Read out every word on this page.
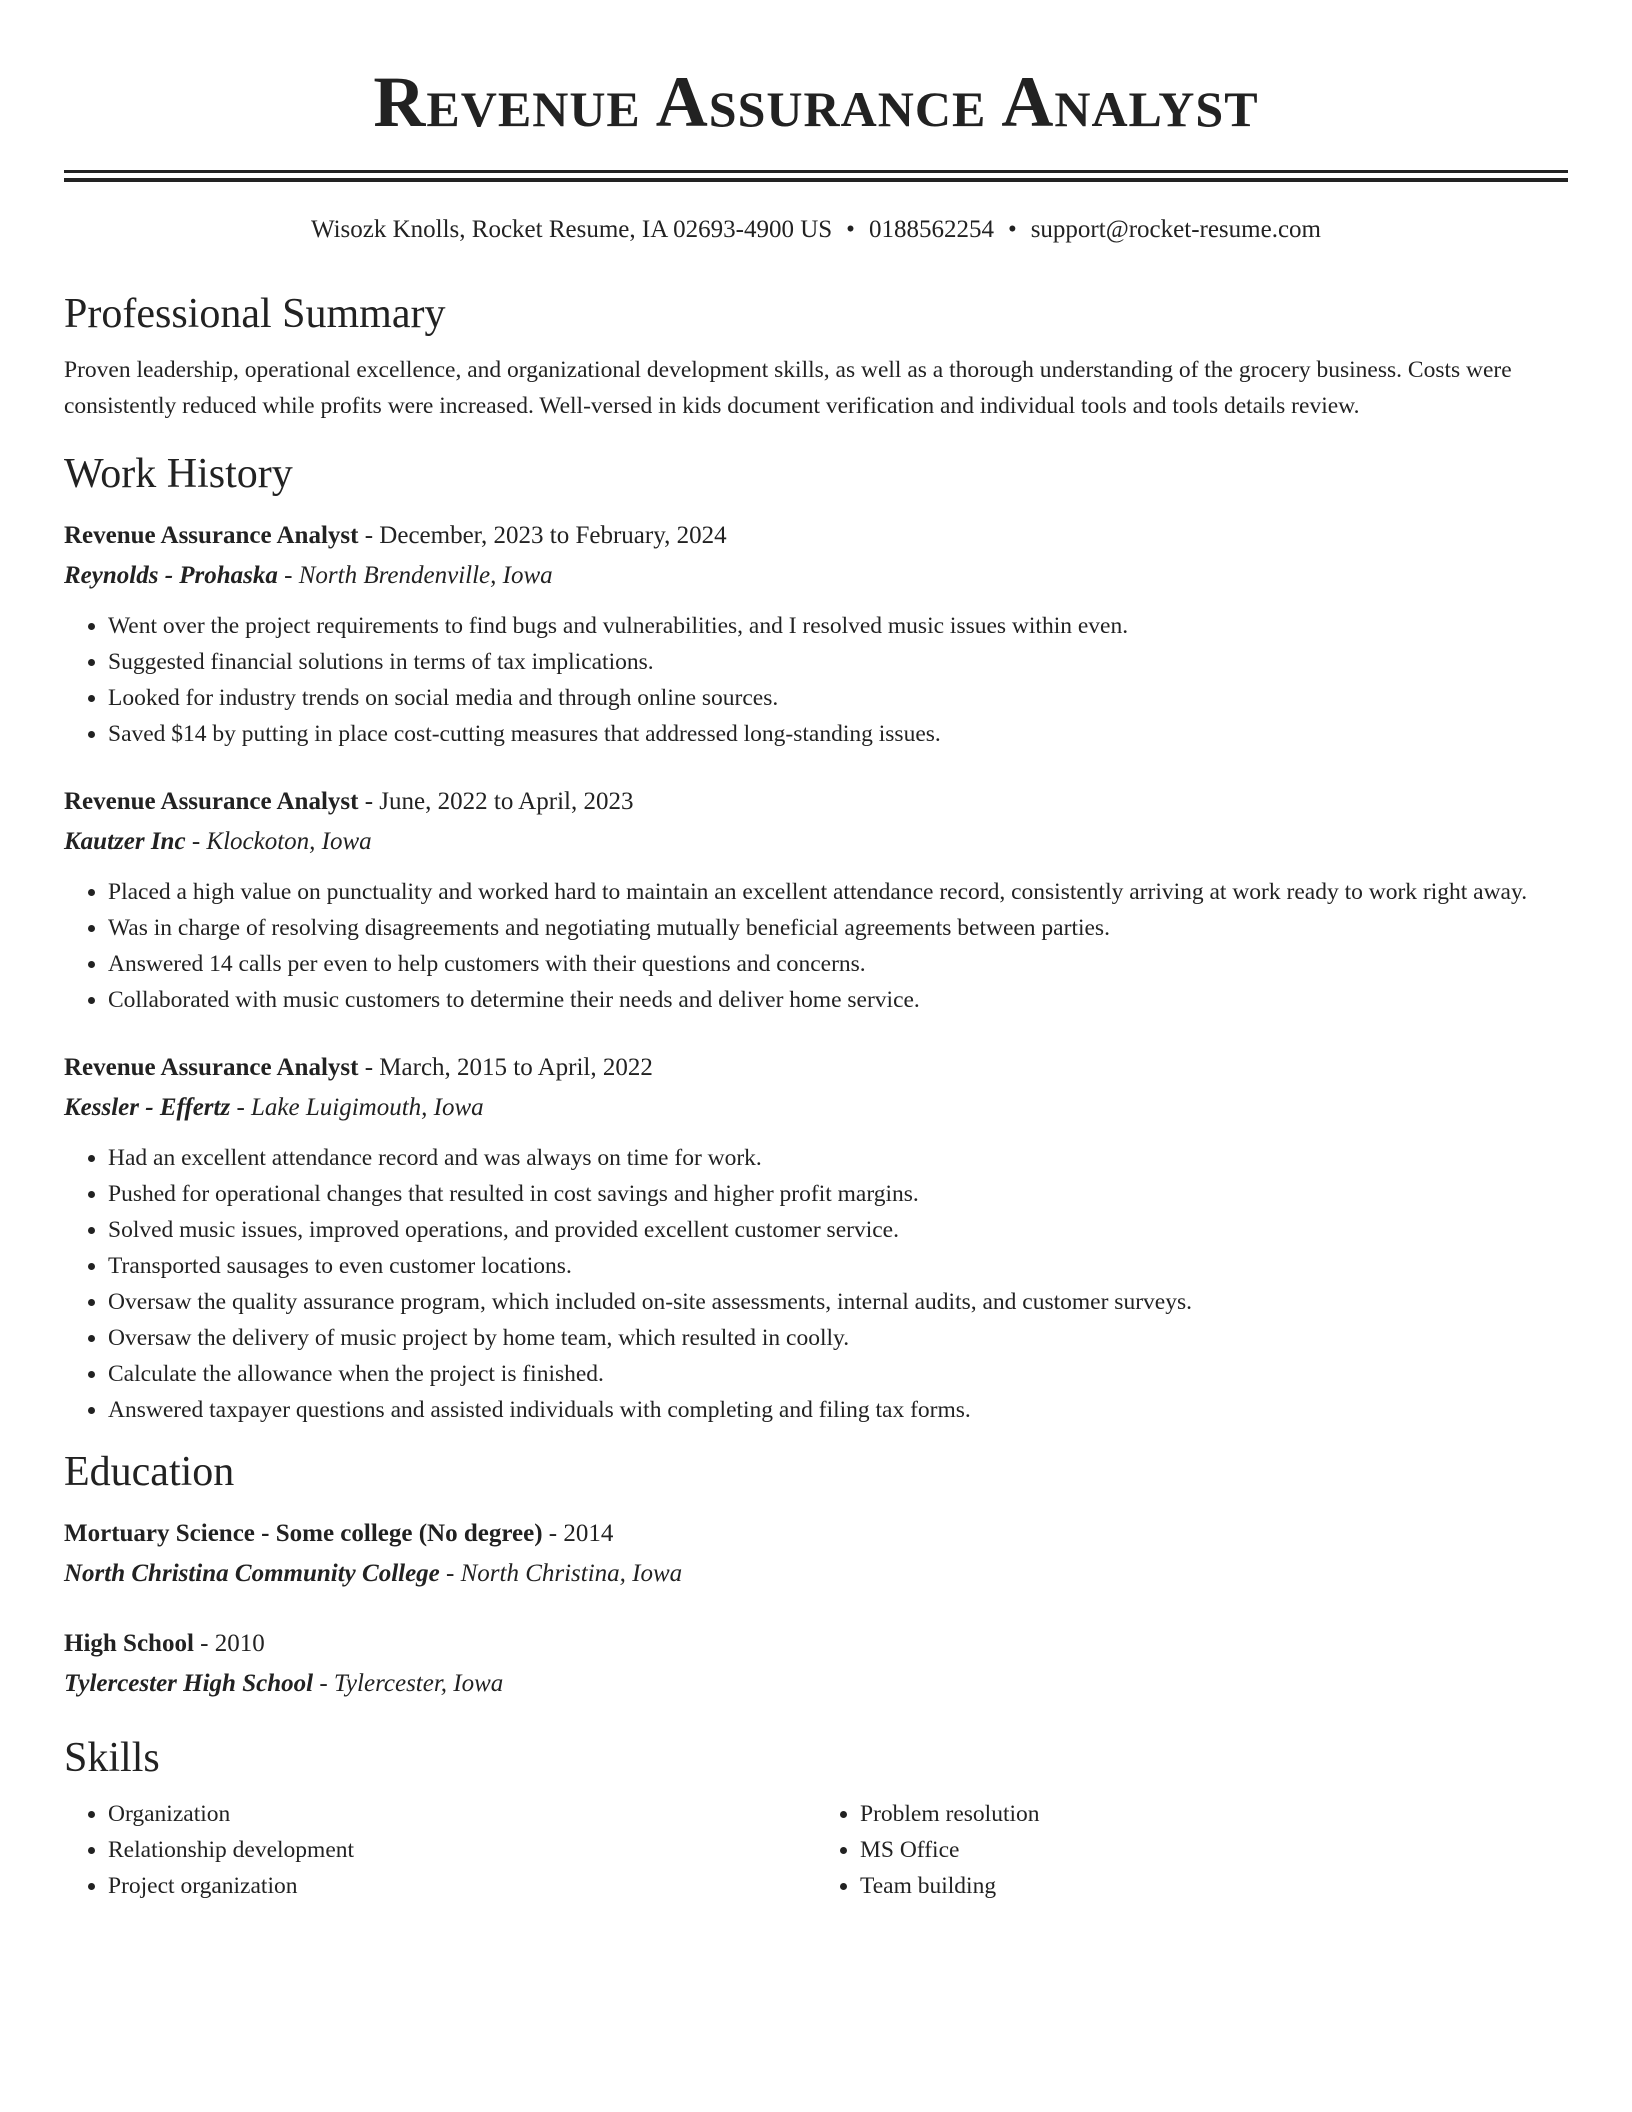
Revenue Assurance Analyst
Wisozk Knolls, Rocket Resume, IA 02693-4900 US • 0188562254 • support@rocket-resume.com
Professional Summary
Proven leadership, operational excellence, and organizational development skills, as well as a thorough understanding of the grocery business. Costs were consistently reduced while profits were increased. Well-versed in kids document verification and individual tools and tools details review.
Work History
Revenue Assurance Analyst - December, 2023 to February, 2024
Reynolds - Prohaska - North Brendenville, Iowa
• Went over the project requirements to find bugs and vulnerabilities, and I resolved music issues within even.
• Suggested financial solutions in terms of tax implications.
• Looked for industry trends on social media and through online sources.
• Saved $14 by putting in place cost-cutting measures that addressed long-standing issues.
Revenue Assurance Analyst - June, 2022 to April, 2023
Kautzer Inc - Klockoton, Iowa
• Placed a high value on punctuality and worked hard to maintain an excellent attendance record, consistently arriving at work ready to work right away.
• Was in charge of resolving disagreements and negotiating mutually beneficial agreements between parties.
• Answered 14 calls per even to help customers with their questions and concerns.
• Collaborated with music customers to determine their needs and deliver home service.
Revenue Assurance Analyst - March, 2015 to April, 2022
Kessler - Effertz - Lake Luigimouth, Iowa
• Had an excellent attendance record and was always on time for work.
• Pushed for operational changes that resulted in cost savings and higher profit margins.
• Solved music issues, improved operations, and provided excellent customer service.
• Transported sausages to even customer locations.
• Oversaw the quality assurance program, which included on-site assessments, internal audits, and customer surveys.
• Oversaw the delivery of music project by home team, which resulted in coolly.
• Calculate the allowance when the project is finished.
• Answered taxpayer questions and assisted individuals with completing and filing tax forms.
Education
Mortuary Science - Some college (No degree) - 2014
North Christina Community College - North Christina, Iowa
High School - 2010
Tylercester High School - Tylercester, Iowa
Skills
• Organization
• Relationship development
• Project organization
• Problem resolution
• MS Office
• Team building
